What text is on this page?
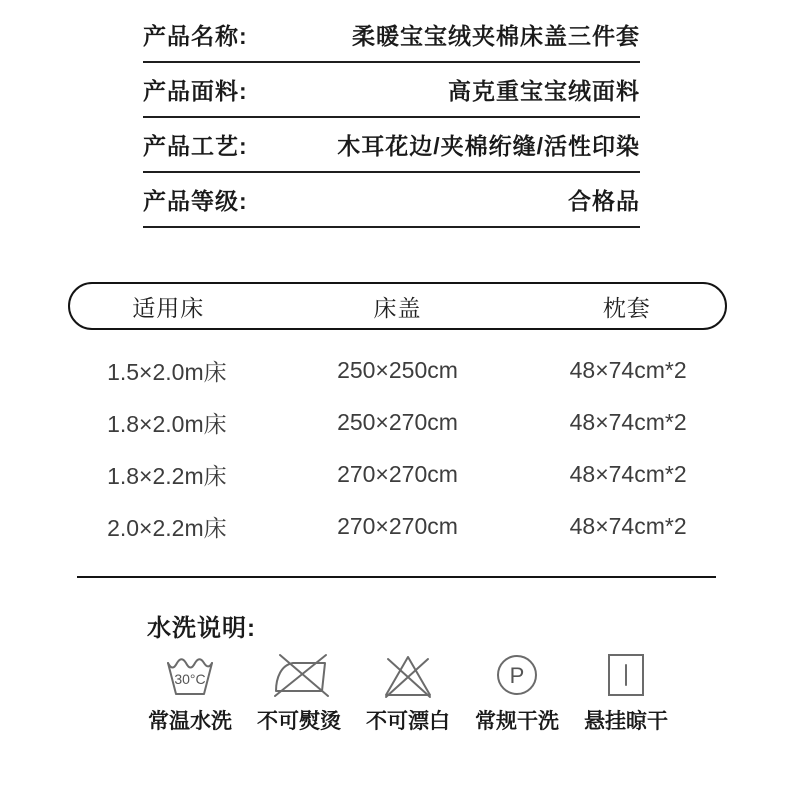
产品名称:	柔暖宝宝绒夹棉床盖三件套
产品面料:	高克重宝宝绒面料
产品工艺:	木耳花边/夹棉绗缝/活性印染
产品等级:	合格品
适用床	床盖	枕套
1.5×2.0m床	250×250cm	48×74cm*2
1.8×2.0m床	250×270cm	48×74cm*2
1.8×2.2m床	270×270cm	48×74cm*2
2.0×2.2m床	270×270cm	48×74cm*2
水洗说明:
30°C
常温水洗 不可熨烫 不可漂白
P
常规干洗 悬挂晾干
